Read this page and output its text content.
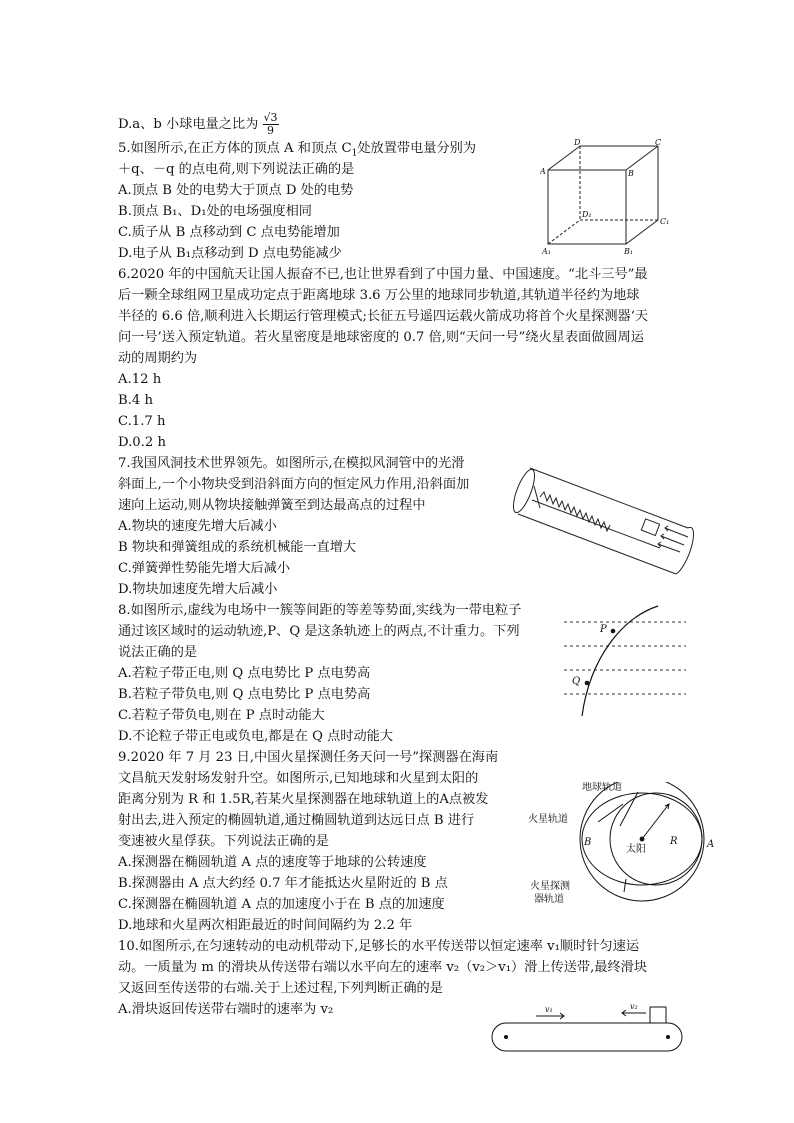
D.a、b 小球电量之比为 $\frac{√3}{9}$
5.如图所示,在正方体的顶点 A 和顶点 $C_1$处放置带电量分别为
＋q、－q 的点电荷,则下列说法正确的是
A.顶点 B 处的电势大于顶点 D 处的电势
B.顶点 B₁、D₁处的电场强度相同
C.质子从 B 点移动到 C 点电势能增加
D.电子从 B₁点移动到 D 点电势能减少
D	C
A	B
D₁
C₁
A₁	B₁
6.2020 年的中国航天让国人振奋不已,也让世界看到了中国力量、中国速度。“北斗三号”最
后一颗全球组网卫星成功定点于距离地球 3.6 万公里的地球同步轨道,其轨道半径约为地球
半径的 6.6 倍,顺利进入长期运行管理模式;长征五号遥四运载火箭成功将首个火星探测器‘天
问一号’送入预定轨道。若火星密度是地球密度的 0.7 倍,则“天问一号”绕火星表面做圆周运
动的周期约为
A.12 h
B.4 h
C.1.7 h
D.0.2 h
7.我国风洞技术世界领先。如图所示,在模拟风洞管中的光滑
斜面上,一个小物块受到沿斜面方向的恒定风力作用,沿斜面加
速向上运动,则从物块接触弹簧至到达最高点的过程中
A.物块的速度先增大后减小
B 物块和弹簧组成的系统机械能一直增大
C.弹簧弹性势能先增大后减小
D.物块加速度先增大后减小
8.如图所示,虚线为电场中一簇等间距的等差等势面,实线为一带电粒子
通过该区域时的运动轨迹,P、Q 是这条轨迹上的两点,不计重力。下列
说法正确的是
A.若粒子带正电,则 Q 点电势比 P 点电势高
B.若粒子带负电,则 Q 点电势比 P 点电势高
C.若粒子带负电,则在 P 点时动能大
D.不论粒子带正电或负电,都是在 Q 点时动能大
P
Q
9.2020 年 7 月 23 日,中国火星探测任务天问一号”探测器在海南
文昌航天发射场发射升空。如图所示,已知地球和火星到太阳的
距离分别为 R 和 1.5R,若某火星探测器在地球轨道上的A点被发
射出去,进入预定的椭圆轨道,通过椭圆轨道到达远日点 B 进行
变速被火星俘获。下列说法正确的是
A.探测器在椭圆轨道 A 点的速度等于地球的公转速度
B.探测器由 A 点大约经 0.7 年才能抵达火星附近的 B 点
C.探测器在椭圆轨道 A 点的加速度小于在 B 点的加速度
D.地球和火星两次相距最近的时间间隔约为 2.2 年
地球轨道
火星轨道
太阳
R
B	A
火星探测
器轨道
10.如图所示,在匀速转动的电动机带动下,足够长的水平传送带以恒定速率 v₁顺时针匀速运
动。一质量为 m 的滑块从传送带右端以水平向左的速率 v₂（v₂＞v₁）滑上传送带,最终滑块
又返回至传送带的右端.关于上述过程,下列判断正确的是
A.滑块返回传送带右端时的速率为 v₂	v₁	v₂
